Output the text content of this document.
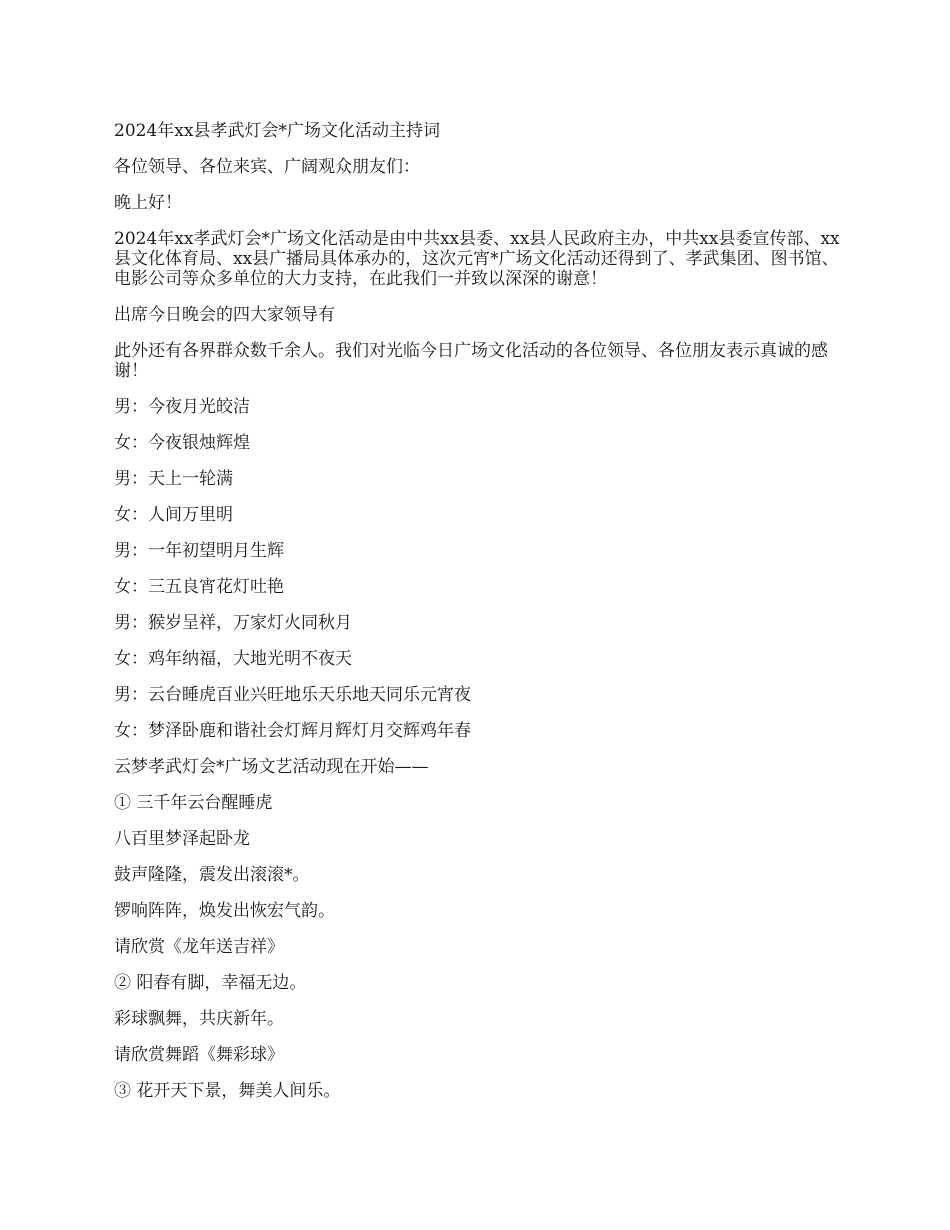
2024年xx县孝武灯会*广场文化活动主持词

各位领导、各位来宾、广阔观众朋友们：

晚上好！

2024年xx孝武灯会*广场文化活动是由中共xx县委、xx县人民政府主办，中共xx县委宣传部、xx县文化体育局、xx县广播局具体承办的，这次元宵*广场文化活动还得到了、孝武集团、图书馆、电影公司等众多单位的大力支持，在此我们一并致以深深的谢意！

出席今日晚会的四大家领导有

此外还有各界群众数千余人。我们对光临今日广场文化活动的各位领导、各位朋友表示真诚的感谢！

男：今夜月光皎洁

女：今夜银烛辉煌

男：天上一轮满

女：人间万里明

男：一年初望明月生辉

女：三五良宵花灯吐艳

男：猴岁呈祥，万家灯火同秋月

女：鸡年纳福，大地光明不夜天

男：云台睡虎百业兴旺地乐天乐地天同乐元宵夜

女：梦泽卧鹿和谐社会灯辉月辉灯月交辉鸡年春

云梦孝武灯会*广场文艺活动现在开始——

① 三千年云台醒睡虎

八百里梦泽起卧龙

鼓声隆隆，震发出滚滚*。

锣响阵阵，焕发出恢宏气韵。

请欣赏《龙年送吉祥》

② 阳春有脚，幸福无边。

彩球飘舞，共庆新年。

请欣赏舞蹈《舞彩球》

③ 花开天下景，舞美人间乐。
